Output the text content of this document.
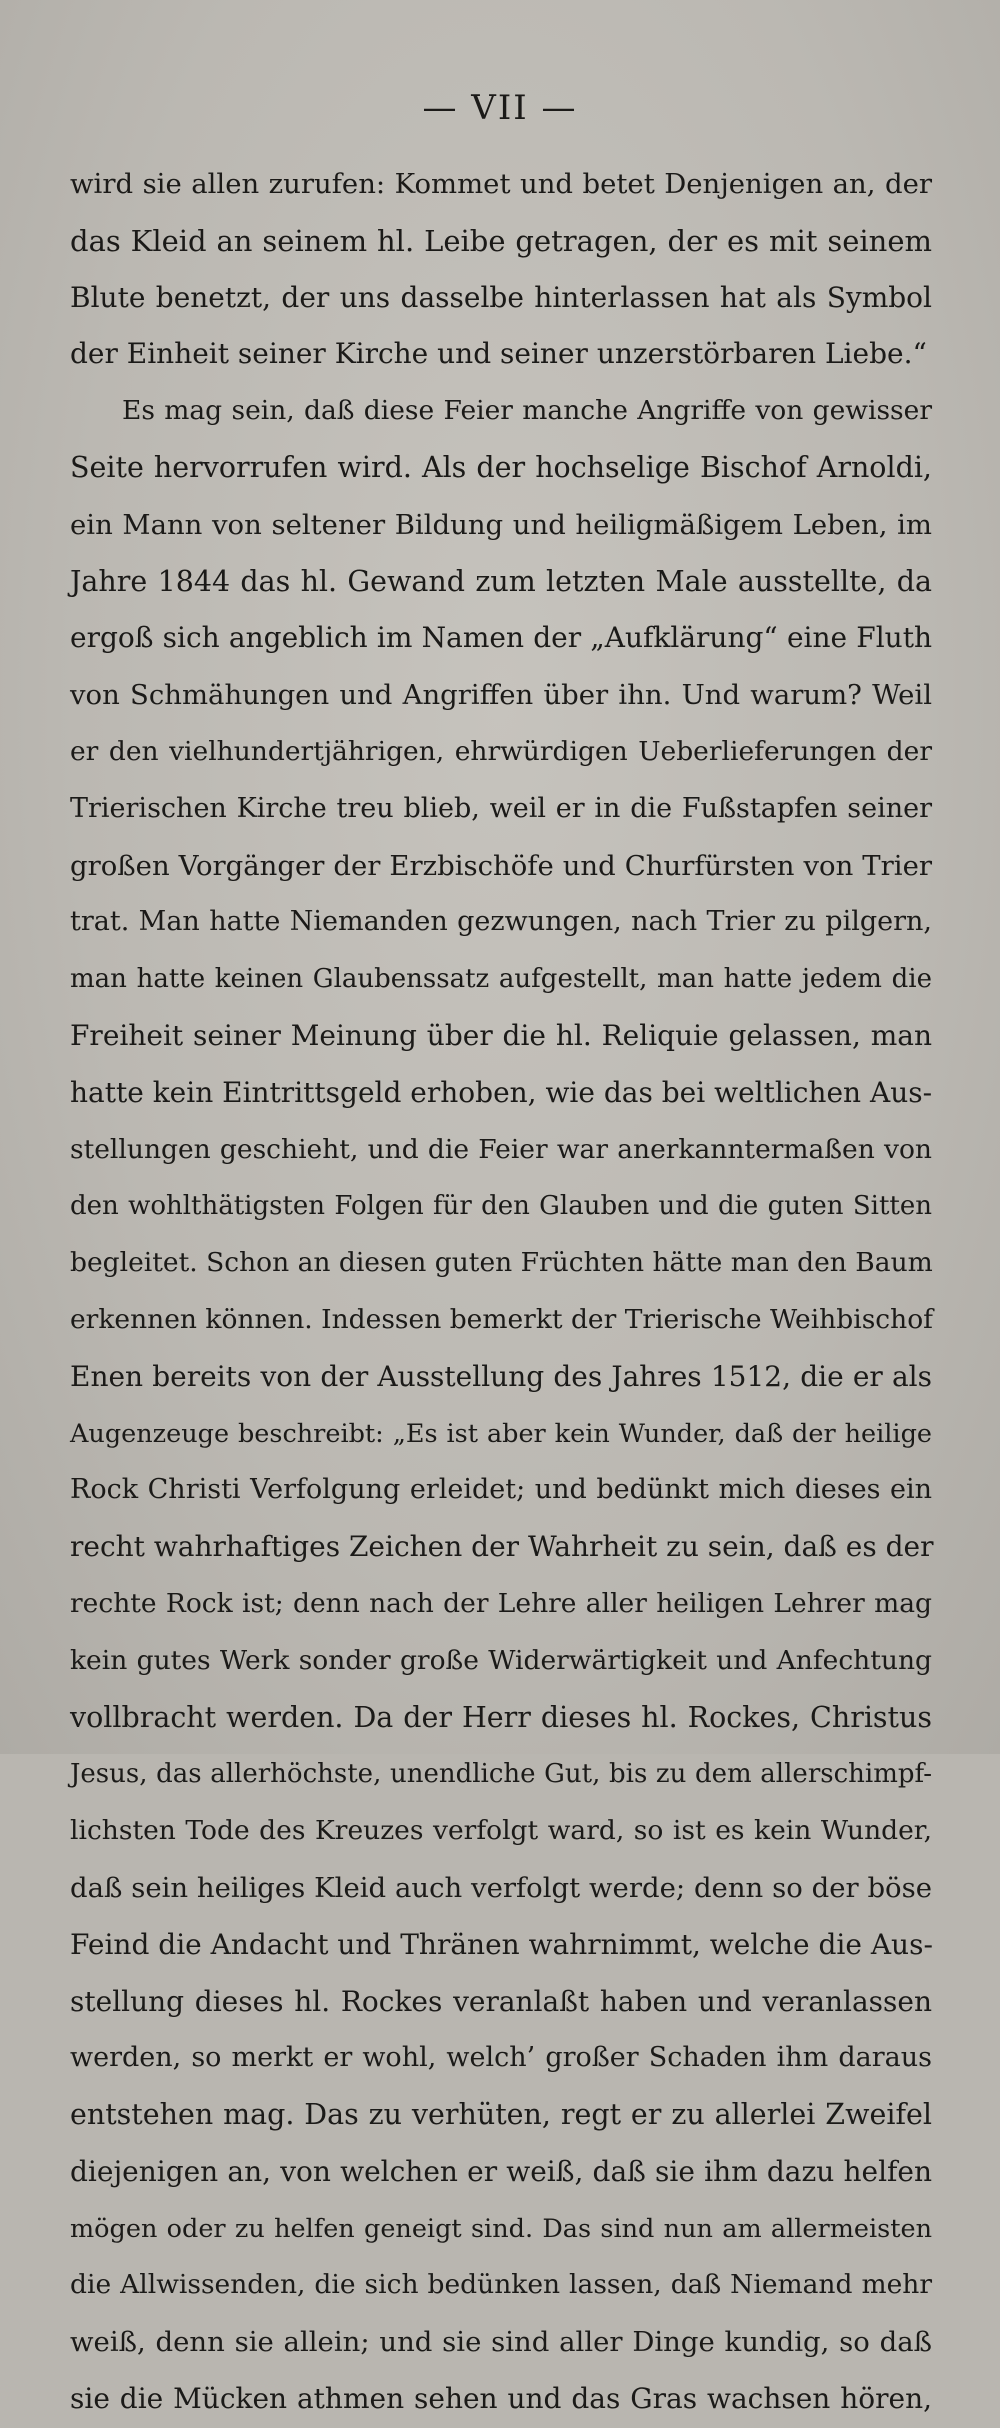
— VII —
wird sie allen zurufen: Kommet und betet Denjenigen an, der
das Kleid an seinem hl. Leibe getragen, der es mit seinem
Blute benetzt, der uns dasselbe hinterlassen hat als Symbol
der Einheit seiner Kirche und seiner unzerstörbaren Liebe.“
Es mag sein, daß diese Feier manche Angriffe von gewisser
Seite hervorrufen wird. Als der hochselige Bischof Arnoldi,
ein Mann von seltener Bildung und heiligmäßigem Leben, im
Jahre 1844 das hl. Gewand zum letzten Male ausstellte, da
ergoß sich angeblich im Namen der „Aufklärung“ eine Fluth
von Schmähungen und Angriffen über ihn. Und warum? Weil
er den vielhundertjährigen, ehrwürdigen Ueberlieferungen der
Trierischen Kirche treu blieb, weil er in die Fußstapfen seiner
großen Vorgänger der Erzbischöfe und Churfürsten von Trier
trat. Man hatte Niemanden gezwungen, nach Trier zu pilgern,
man hatte keinen Glaubenssatz aufgestellt, man hatte jedem die
Freiheit seiner Meinung über die hl. Reliquie gelassen, man
hatte kein Eintrittsgeld erhoben, wie das bei weltlichen Aus-
stellungen geschieht, und die Feier war anerkanntermaßen von
den wohlthätigsten Folgen für den Glauben und die guten Sitten
begleitet. Schon an diesen guten Früchten hätte man den Baum
erkennen können. Indessen bemerkt der Trierische Weihbischof
Enen bereits von der Ausstellung des Jahres 1512, die er als
Augenzeuge beschreibt: „Es ist aber kein Wunder, daß der heilige
Rock Christi Verfolgung erleidet; und bedünkt mich dieses ein
recht wahrhaftiges Zeichen der Wahrheit zu sein, daß es der
rechte Rock ist; denn nach der Lehre aller heiligen Lehrer mag
kein gutes Werk sonder große Widerwärtigkeit und Anfechtung
vollbracht werden. Da der Herr dieses hl. Rockes, Christus
Jesus, das allerhöchste, unendliche Gut, bis zu dem allerschimpf-
lichsten Tode des Kreuzes verfolgt ward, so ist es kein Wunder,
daß sein heiliges Kleid auch verfolgt werde; denn so der böse
Feind die Andacht und Thränen wahrnimmt, welche die Aus-
stellung dieses hl. Rockes veranlaßt haben und veranlassen
werden, so merkt er wohl, welch’ großer Schaden ihm daraus
entstehen mag. Das zu verhüten, regt er zu allerlei Zweifel
diejenigen an, von welchen er weiß, daß sie ihm dazu helfen
mögen oder zu helfen geneigt sind. Das sind nun am allermeisten
die Allwissenden, die sich bedünken lassen, daß Niemand mehr
weiß, denn sie allein; und sie sind aller Dinge kundig, so daß
sie die Mücken athmen sehen und das Gras wachsen hören,
